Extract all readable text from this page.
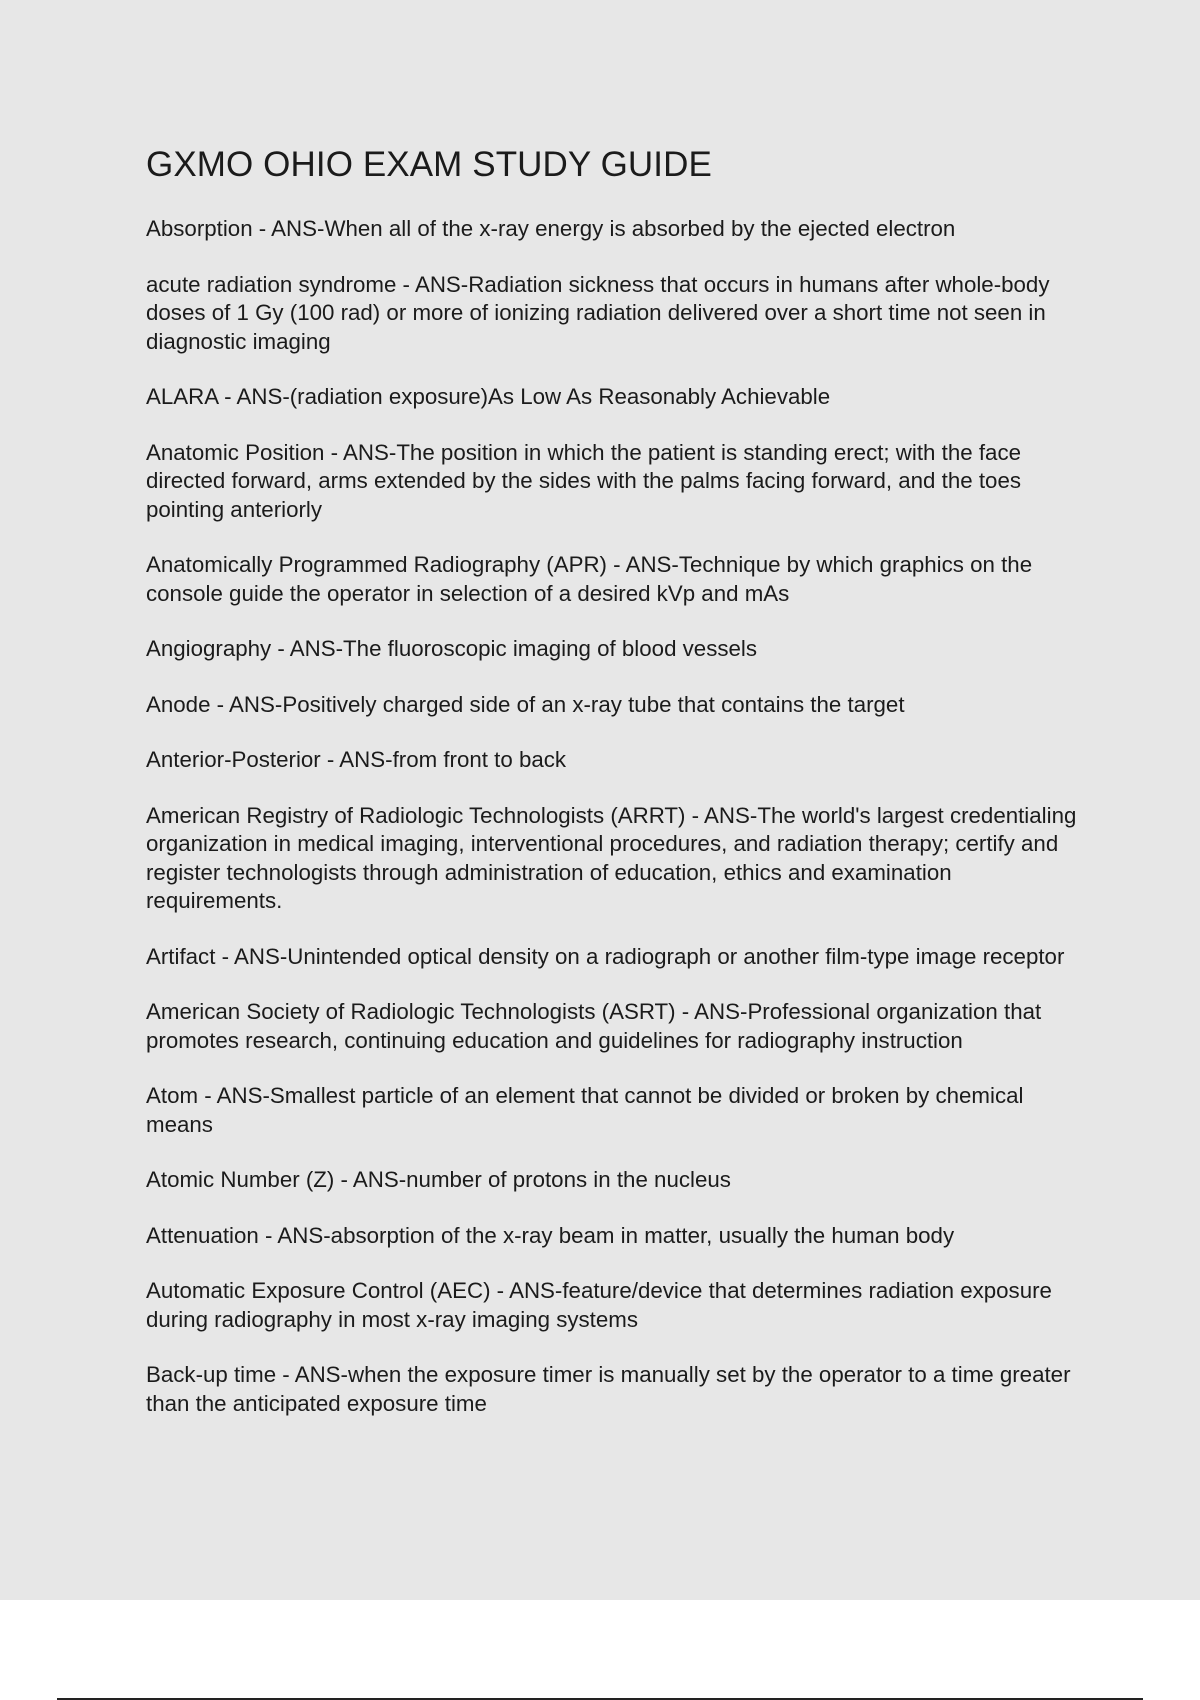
GXMO OHIO EXAM STUDY GUIDE

Absorption - ANS-When all of the x-ray energy is absorbed by the ejected electron

acute radiation syndrome - ANS-Radiation sickness that occurs in humans after whole-body doses of 1 Gy (100 rad) or more of ionizing radiation delivered over a short time not seen in diagnostic imaging

ALARA - ANS-(radiation exposure)As Low As Reasonably Achievable

Anatomic Position - ANS-The position in which the patient is standing erect; with the face directed forward, arms extended by the sides with the palms facing forward, and the toes pointing anteriorly

Anatomically Programmed Radiography (APR) - ANS-Technique by which graphics on the console guide the operator in selection of a desired kVp and mAs

Angiography - ANS-The fluoroscopic imaging of blood vessels

Anode - ANS-Positively charged side of an x-ray tube that contains the target

Anterior-Posterior - ANS-from front to back

American Registry of Radiologic Technologists (ARRT) - ANS-The world's largest credentialing organization in medical imaging, interventional procedures, and radiation therapy; certify and register technologists through administration of education, ethics and examination requirements.

Artifact - ANS-Unintended optical density on a radiograph or another film-type image receptor

American Society of Radiologic Technologists (ASRT) - ANS-Professional organization that promotes research, continuing education and guidelines for radiography instruction

Atom - ANS-Smallest particle of an element that cannot be divided or broken by chemical means

Atomic Number (Z) - ANS-number of protons in the nucleus

Attenuation - ANS-absorption of the x-ray beam in matter, usually the human body

Automatic Exposure Control (AEC) - ANS-feature/device that determines radiation exposure during radiography in most x-ray imaging systems

Back-up time - ANS-when the exposure timer is manually set by the operator to a time greater than the anticipated exposure time
